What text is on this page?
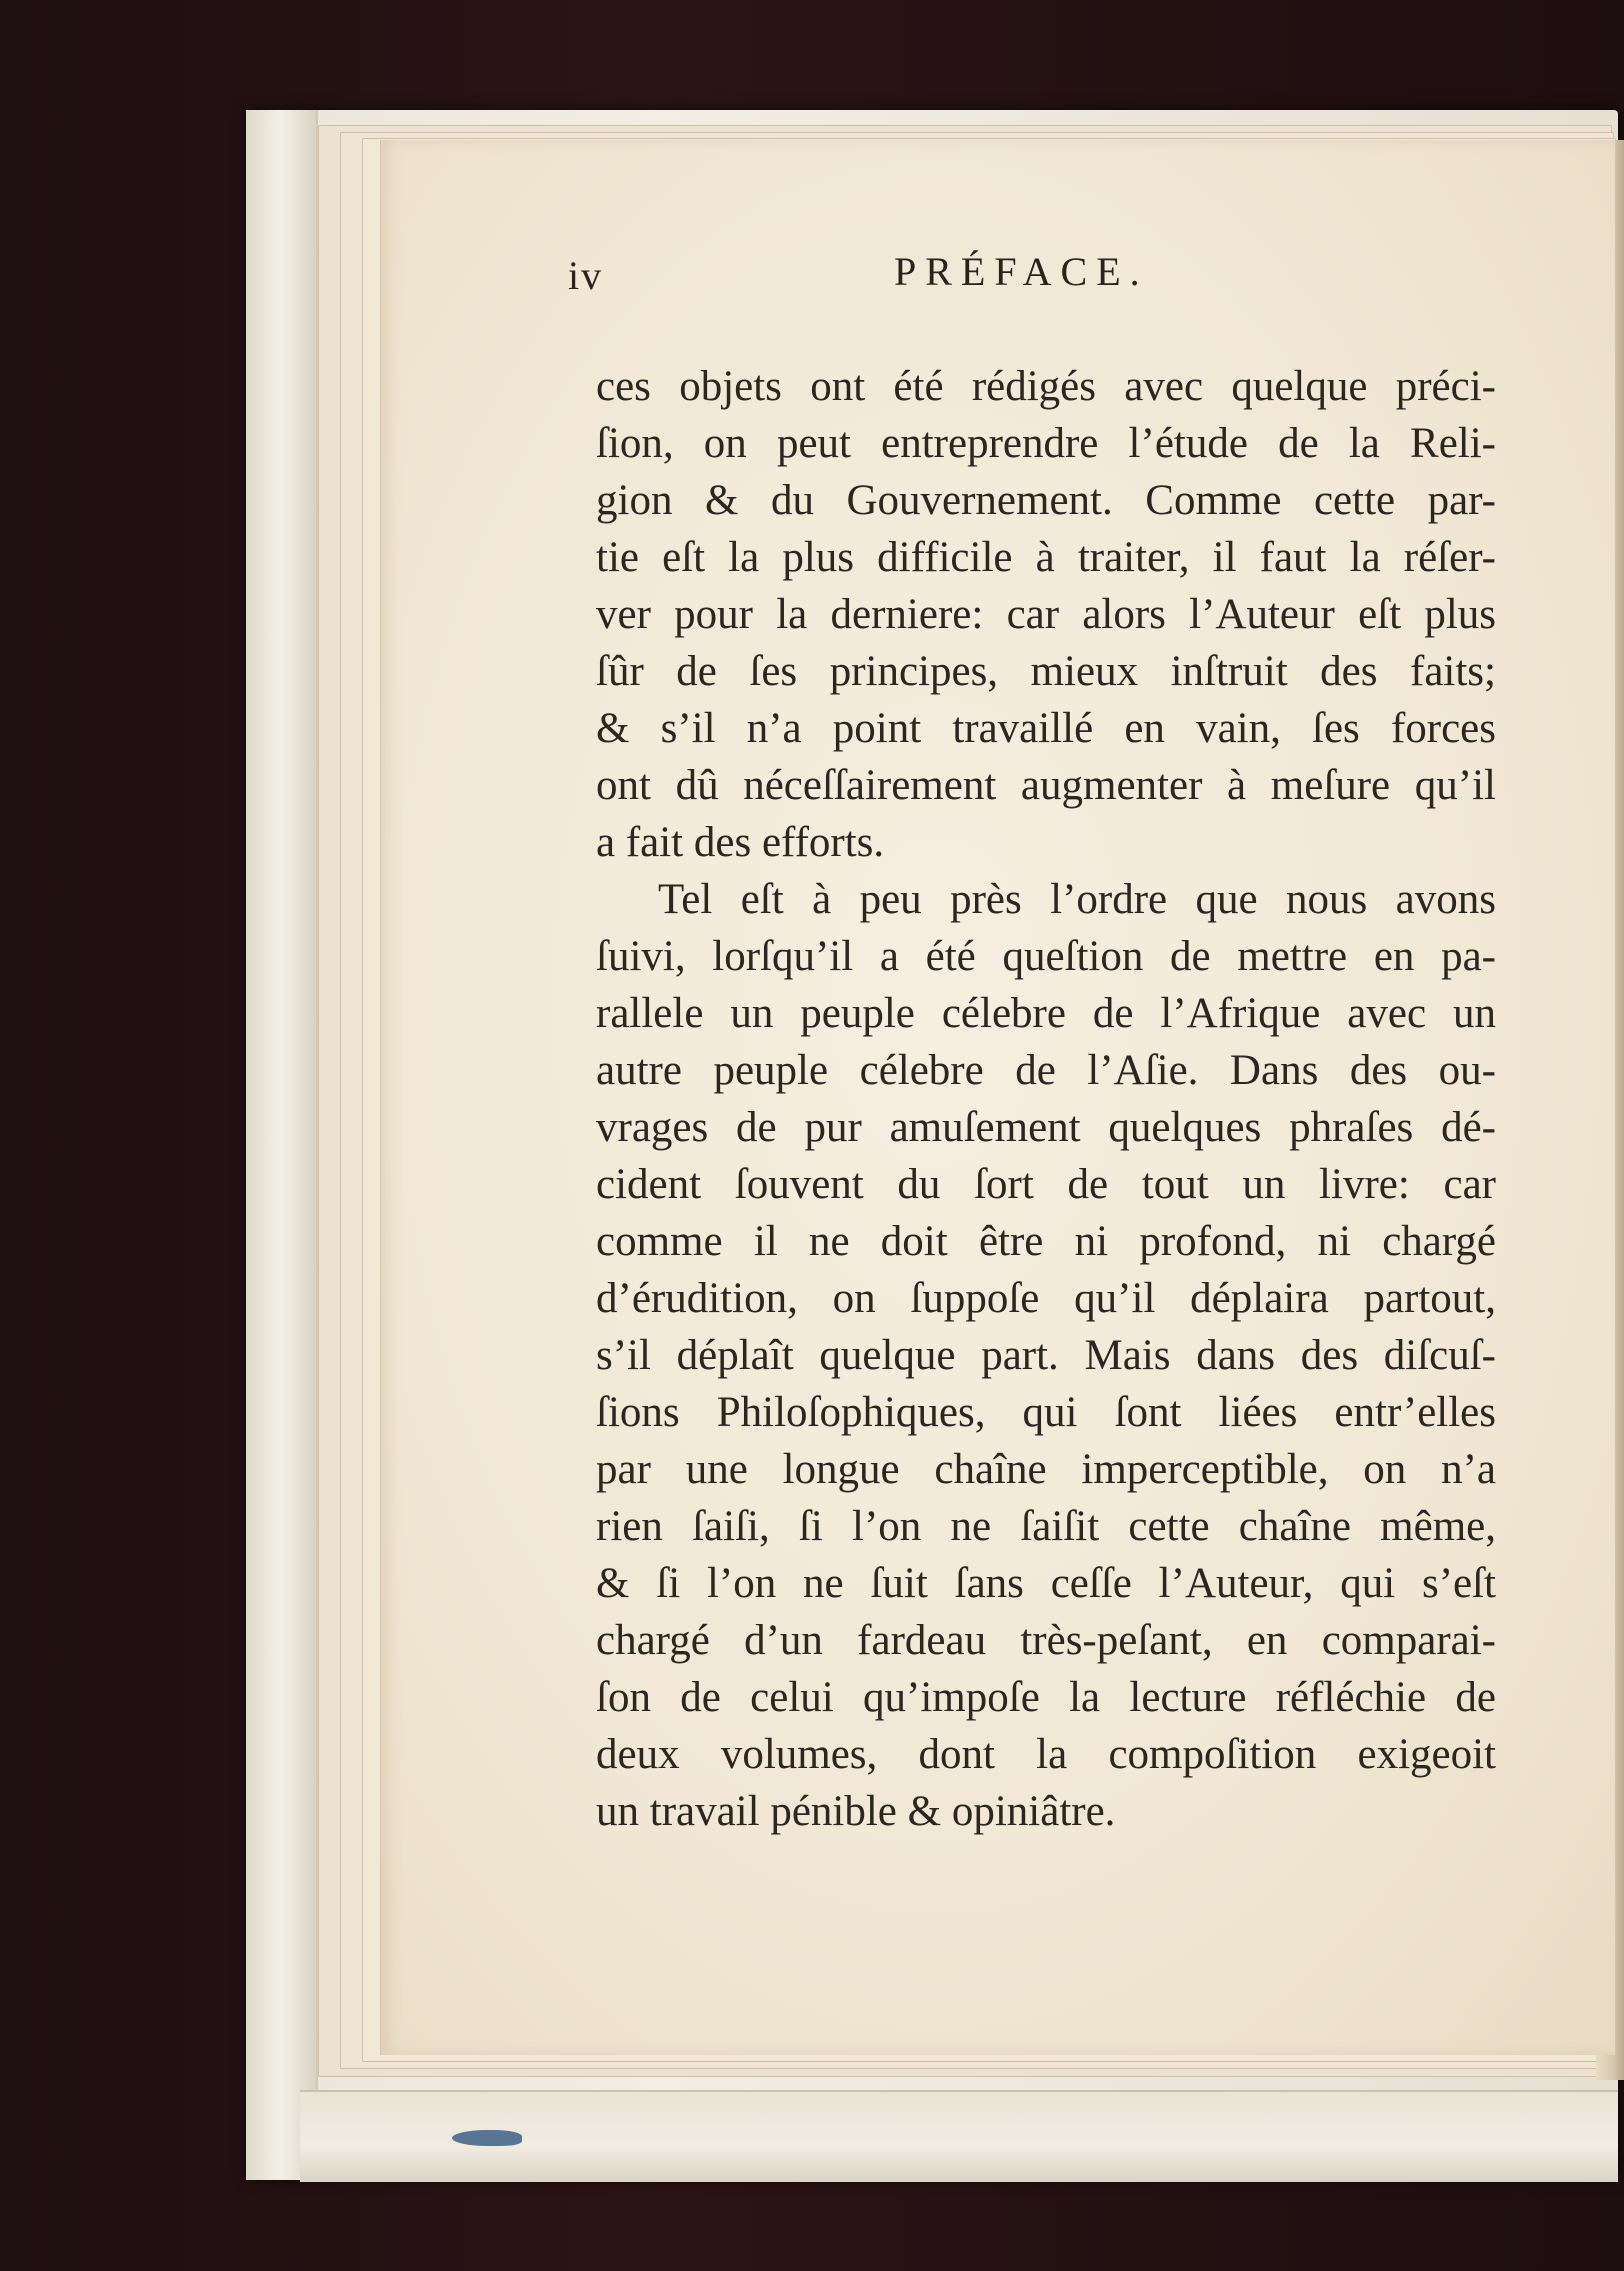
iv	PRÉFACE.
ces objets ont été rédigés avec quelque préci-
ſion, on peut entreprendre l’étude de la Reli-
gion & du Gouvernement. Comme cette par-
tie eſt la plus difficile à traiter, il faut la réſer-
ver pour la derniere: car alors l’Auteur eſt plus
ſûr de ſes principes, mieux inſtruit des faits;
& s’il n’a point travaillé en vain, ſes forces
ont dû néceſſairement augmenter à meſure qu’il
a fait des efforts.
Tel eſt à peu près l’ordre que nous avons
ſuivi, lorſqu’il a été queſtion de mettre en pa-
rallele un peuple célebre de l’Afrique avec un
autre peuple célebre de l’Aſie. Dans des ou-
vrages de pur amuſement quelques phraſes dé-
cident ſouvent du ſort de tout un livre: car
comme il ne doit être ni profond, ni chargé
d’érudition, on ſuppoſe qu’il déplaira partout,
s’il déplaît quelque part. Mais dans des diſcuſ-
ſions Philoſophiques, qui ſont liées entr’elles
par une longue chaîne imperceptible, on n’a
rien ſaiſi, ſi l’on ne ſaiſit cette chaîne même,
& ſi l’on ne ſuit ſans ceſſe l’Auteur, qui s’eſt
chargé d’un fardeau très-peſant, en comparai-
ſon de celui qu’impoſe la lecture réfléchie de
deux volumes, dont la compoſition exigeoit
un travail pénible & opiniâtre.
